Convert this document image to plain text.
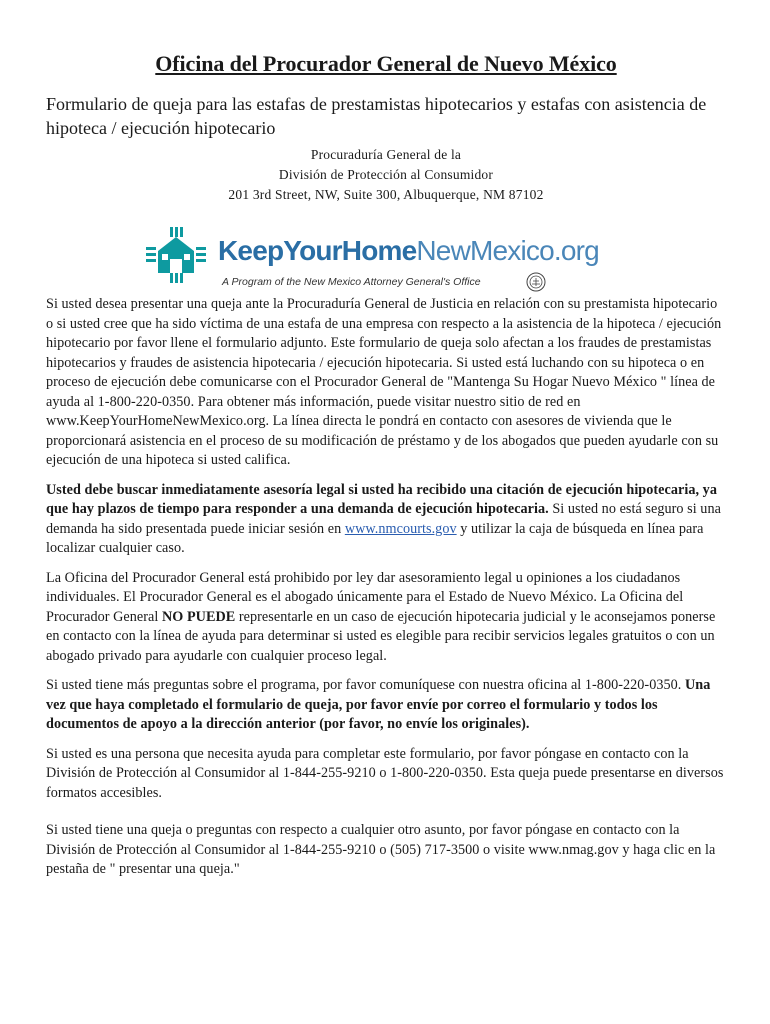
Oficina del Procurador General de Nuevo México
Formulario de queja para las estafas de prestamistas hipotecarios y estafas con asistencia de hipoteca / ejecución hipotecario
Procuraduría General de la
División de Protección al Consumidor
201 3rd Street, NW, Suite 300, Albuquerque, NM 87102
KeepYourHomeNewMexico.org
A Program of the New Mexico Attorney General's Office

Si usted desea presentar una queja ante la Procuraduría General de Justicia en relación con su prestamista hipotecario o si usted cree que ha sido víctima de una estafa de una empresa con respecto a la asistencia de la hipoteca / ejecución hipotecario por favor llene el formulario adjunto. Este formulario de queja solo afectan a los fraudes de prestamistas hipotecarios y fraudes de asistencia hipotecaria / ejecución hipotecaria. Si usted está luchando con su hipoteca o en proceso de ejecución debe comunicarse con el Procurador General de "Mantenga Su Hogar Nuevo México " línea de ayuda al 1-800-220-0350. Para obtener más información, puede visitar nuestro sitio de red en www.KeepYourHomeNewMexico.org. La línea directa le pondrá en contacto con asesores de vivienda que le proporcionará asistencia en el proceso de su modificación de préstamo y de los abogados que pueden ayudarle con su ejecución de una hipoteca si usted califica.

Usted debe buscar inmediatamente asesoría legal si usted ha recibido una citación de ejecución hipotecaria, ya que hay plazos de tiempo para responder a una demanda de ejecución hipotecaria. Si usted no está seguro si una demanda ha sido presentada puede iniciar sesión en www.nmcourts.gov y utilizar la caja de búsqueda en línea para localizar cualquier caso.

La Oficina del Procurador General está prohibido por ley dar asesoramiento legal u opiniones a los ciudadanos individuales. El Procurador General es el abogado únicamente para el Estado de Nuevo México. La Oficina del Procurador General NO PUEDE representarle en un caso de ejecución hipotecaria judicial y le aconsejamos ponerse en contacto con la línea de ayuda para determinar si usted es elegible para recibir servicios legales gratuitos o con un abogado privado para ayudarle con cualquier proceso legal.

Si usted tiene más preguntas sobre el programa, por favor comuníquese con nuestra oficina al 1-800-220-0350. Una vez que haya completado el formulario de queja, por favor envíe por correo el formulario y todos los documentos de apoyo a la dirección anterior (por favor, no envíe los originales).

Si usted es una persona que necesita ayuda para completar este formulario, por favor póngase en contacto con la División de Protección al Consumidor al 1-844-255-9210 o 1-800-220-0350. Esta queja puede presentarse en diversos formatos accesibles.

Si usted tiene una queja o preguntas con respecto a cualquier otro asunto, por favor póngase en contacto con la División de Protección al Consumidor al 1-844-255-9210 o (505) 717-3500 o visite www.nmag.gov y haga clic en la pestaña de " presentar una queja."
